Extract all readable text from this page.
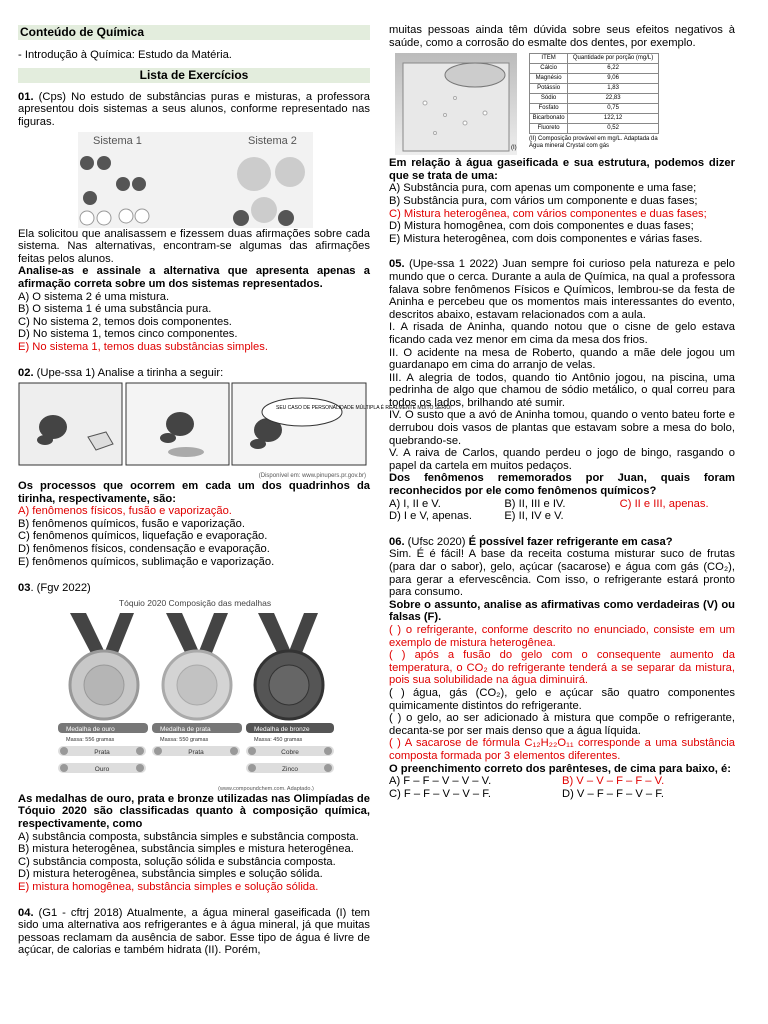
Conteúdo de Química

- Introdução à Química: Estudo da Matéria.

Lista de Exercícios

01. (Cps) No estudo de substâncias puras e misturas, a professora apresentou dois sistemas a seus alunos, conforme representado nas figuras.

Sistema 1	Sistema 2

Ela solicitou que analisassem e fizessem duas afirmações sobre cada sistema. Nas alternativas, encontram-se algumas das afirmações feitas pelos alunos.

Analise-as e assinale a alternativa que apresenta apenas a afirmação correta sobre um dos sistemas representados.

A) O sistema 2 é uma mistura.

B) O sistema 1 é uma substância pura.

C) No sistema 2, temos dois componentes.

D) No sistema 1, temos cinco componentes.

E) No sistema 1, temos duas substâncias simples.

02. (Upe-ssa 1) Analise a tirinha a seguir:

SEU CASO DE PERSONALIDADE MÚLTIPLA É REALMENTE MUITO SÉRIO!
(Disponível em: www.pinupers.pr.gov.br)

Os processos que ocorrem em cada um dos quadrinhos da tirinha, respectivamente, são:

A) fenômenos físicos, fusão e vaporização.

B) fenômenos químicos, fusão e vaporização.

C) fenômenos químicos, liquefação e evaporação.

D) fenômenos físicos, condensação e evaporação.

E) fenômenos químicos, sublimação e vaporização.

03. (Fgv 2022)

Tóquio 2020 Composição das medalhas
Medalha de ouro	Medalha de prata	Medalha de bronze
Massa: 556 gramas	Massa: 550 gramas	Massa: 450 gramas
Prata
Ouro
Prata	Cobre
Zinco
(www.compoundchem.com. Adaptado.)

As medalhas de ouro, prata e bronze utilizadas nas Olimpíadas de Tóquio 2020 são classificadas quanto à composição química, respectivamente, como

A) substância composta, substância simples e substância composta.

B) mistura heterogênea, substância simples e mistura heterogênea.

C) substância composta, solução sólida e substância composta.

D) mistura heterogênea, substância simples e solução sólida.

E) mistura homogênea, substância simples e solução sólida.

04. (G1 - cftrj 2018) Atualmente, a água mineral gaseificada (I) tem sido uma alternativa aos refrigerantes e à água mineral, já que muitas pessoas reclamam da ausência de sabor. Esse tipo de água é livre de açúcar, de calorias e também hidrata (II). Porém,

muitas pessoas ainda têm dúvida sobre seus efeitos negativos à saúde, como a corrosão do esmalte dos dentes, por exemplo.

(I)
ITEM	Quantidade por porção (mg/L)
Cálcio	6,22
Magnésio	9,06
Potássio	1,83
Sódio	22,83
Fosfato	0,75
Bicarbonato	122,12
Fluoreto	0,52
(II) Composição provável em mg/L. Adaptada da Água mineral Crystal com gás

Em relação à água gaseificada e sua estrutura, podemos dizer que se trata de uma:

A) Substância pura, com apenas um componente e uma fase;

B) Substância pura, com vários um componente e duas fases;

C) Mistura heterogênea, com vários componentes e duas fases;

D) Mistura homogênea, com dois componentes e duas fases;

E) Mistura heterogênea, com dois componentes e várias fases.

05. (Upe-ssa 1 2022) Juan sempre foi curioso pela natureza e pelo mundo que o cerca. Durante a aula de Química, na qual a professora falava sobre fenômenos Físicos e Químicos, lembrou-se da festa de Aninha e percebeu que os momentos mais interessantes do evento, descritos abaixo, estavam relacionados com a aula.

I. A risada de Aninha, quando notou que o cisne de gelo estava ficando cada vez menor em cima da mesa dos frios.

II. O acidente na mesa de Roberto, quando a mãe dele jogou um guardanapo em cima do arranjo de velas.

III. A alegria de todos, quando tio Antônio jogou, na piscina, uma pedrinha de algo que chamou de sódio metálico, o qual correu para todos os lados, brilhando até sumir.

IV. O susto que a avó de Aninha tomou, quando o vento bateu forte e derrubou dois vasos de plantas que estavam sobre a mesa do bolo, quebrando-se.

V. A raiva de Carlos, quando perdeu o jogo de bingo, rasgando o papel da cartela em muitos pedaços.

Dos fenômenos rememorados por Juan, quais foram reconhecidos por ele como fenômenos químicos?

A) I, II e V.	B) II, III e IV.	C) II e III, apenas.
D) I e V, apenas.	E) II, IV e V.

06. (Ufsc 2020) É possível fazer refrigerante em casa?

Sim. É é fácil! A base da receita costuma misturar suco de frutas (para dar o sabor), gelo, açúcar (sacarose) e água com gás (CO₂), para gerar a efervescência. Com isso, o refrigerante estará pronto para consumo.

Sobre o assunto, analise as afirmativas como verdadeiras (V) ou falsas (F).

( ) o refrigerante, conforme descrito no enunciado, consiste em um exemplo de mistura heterogênea.

( ) após a fusão do gelo com o consequente aumento da temperatura, o CO₂ do refrigerante tenderá a se separar da mistura, pois sua solubilidade na água diminuirá.

( ) água, gás (CO₂), gelo e açúcar são quatro componentes quimicamente distintos do refrigerante.

( ) o gelo, ao ser adicionado à mistura que compõe o refrigerante, decanta-se por ser mais denso que a água líquida.

( ) A sacarose de fórmula C₁₂H₂₂O₁₁ corresponde a uma substância composta formada por 3 elementos diferentes.

O preenchimento correto dos parênteses, de cima para baixo, é:

A) F – F – V – V – V.	B) V – V – F – F – V.
C) F – F – V – V – F.	D) V – F – F – V – F.
